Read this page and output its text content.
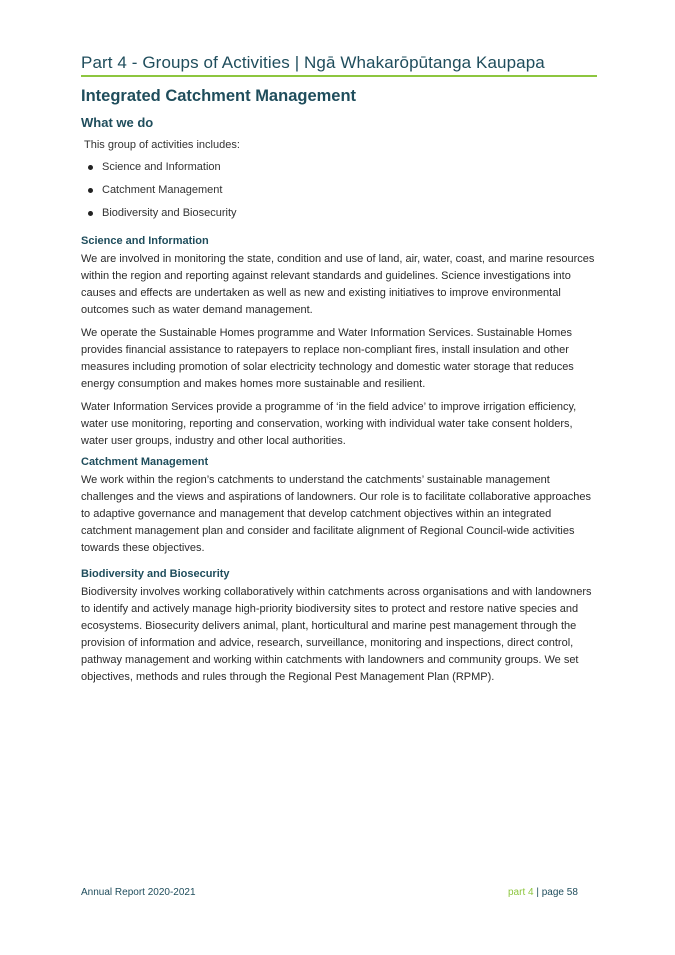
Part 4 - Groups of Activities | Ngā Whakarōpūtanga Kaupapa
Integrated Catchment Management
What we do
This group of activities includes:
Science and Information
Catchment Management
Biodiversity and Biosecurity
Science and Information

We are involved in monitoring the state, condition and use of land, air, water, coast, and marine resources within the region and reporting against relevant standards and guidelines. Science investigations into causes and effects are undertaken as well as new and existing initiatives to improve environmental outcomes such as water demand management.

We operate the Sustainable Homes programme and Water Information Services. Sustainable Homes provides financial assistance to ratepayers to replace non-compliant fires, install insulation and other measures including promotion of solar electricity technology and domestic water storage that reduces energy consumption and makes homes more sustainable and resilient.

Water Information Services provide a programme of ‘in the field advice’ to improve irrigation efficiency, water use monitoring, reporting and conservation, working with individual water take consent holders, water user groups, industry and other local authorities.

Catchment Management

We work within the region’s catchments to understand the catchments’ sustainable management challenges and the views and aspirations of landowners. Our role is to facilitate collaborative approaches to adaptive governance and management that develop catchment objectives within an integrated catchment management plan and consider and facilitate alignment of Regional Council-wide activities towards these objectives.

Biodiversity and Biosecurity

Biodiversity involves working collaboratively within catchments across organisations and with landowners to identify and actively manage high-priority biodiversity sites to protect and restore native species and ecosystems. Biosecurity delivers animal, plant, horticultural and marine pest management through the provision of information and advice, research, surveillance, monitoring and inspections, direct control, pathway management and working within catchments with landowners and community groups. We set objectives, methods and rules through the Regional Pest Management Plan (RPMP).

Annual Report 2020-2021	part 4 | page 58
